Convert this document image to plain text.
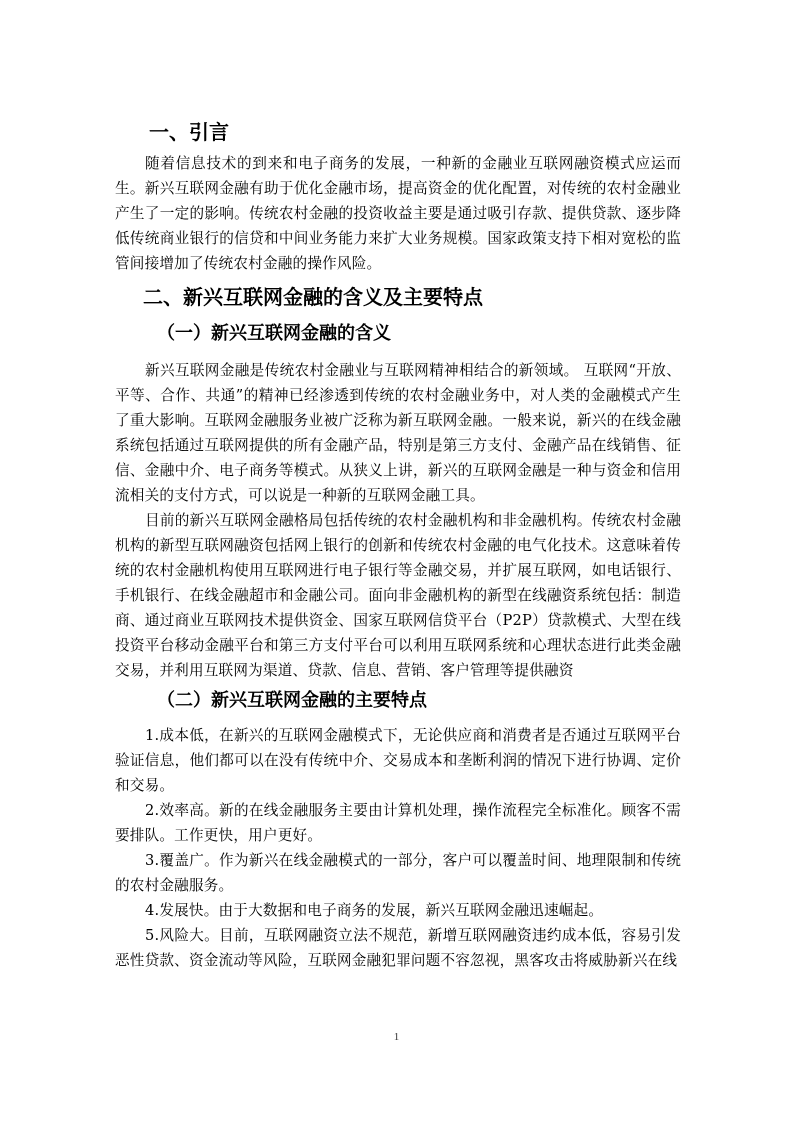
一、引言

随着信息技术的到来和电子商务的发展，一种新的金融业互联网融资模式应运而生。新兴互联网金融有助于优化金融市场，提高资金的优化配置，对传统的农村金融业产生了一定的影响。传统农村金融的投资收益主要是通过吸引存款、提供贷款、逐步降低传统商业银行的信贷和中间业务能力来扩大业务规模。国家政策支持下相对宽松的监管间接增加了传统农村金融的操作风险。

二、新兴互联网金融的含义及主要特点
（一）新兴互联网金融的含义

新兴互联网金融是传统农村金融业与互联网精神相结合的新领域。 互联网“开放、平等、合作、共通”的精神已经渗透到传统的农村金融业务中，对人类的金融模式产生了重大影响。互联网金融服务业被广泛称为新互联网金融。一般来说，新兴的在线金融系统包括通过互联网提供的所有金融产品，特别是第三方支付、金融产品在线销售、征信、金融中介、电子商务等模式。从狭义上讲，新兴的互联网金融是一种与资金和信用流相关的支付方式，可以说是一种新的互联网金融工具。

目前的新兴互联网金融格局包括传统的农村金融机构和非金融机构。传统农村金融机构的新型互联网融资包括网上银行的创新和传统农村金融的电气化技术。这意味着传统的农村金融机构使用互联网进行电子银行等金融交易，并扩展互联网，如电话银行、手机银行、在线金融超市和金融公司。面向非金融机构的新型在线融资系统包括：制造商、通过商业互联网技术提供资金、国家互联网信贷平台（P2P）贷款模式、大型在线投资平台移动金融平台和第三方支付平台可以利用互联网系统和心理状态进行此类金融交易，并利用互联网为渠道、贷款、信息、营销、客户管理等提供融资

（二）新兴互联网金融的主要特点

1.成本低，在新兴的互联网金融模式下，无论供应商和消费者是否通过互联网平台验证信息，他们都可以在没有传统中介、交易成本和垄断利润的情况下进行协调、定价和交易。

2.效率高。新的在线金融服务主要由计算机处理，操作流程完全标准化。顾客不需要排队。工作更快，用户更好。

3.覆盖广。作为新兴在线金融模式的一部分，客户可以覆盖时间、地理限制和传统的农村金融服务。

4.发展快。由于大数据和电子商务的发展，新兴互联网金融迅速崛起。

5.风险大。目前，互联网融资立法不规范，新增互联网融资违约成本低，容易引发恶性贷款、资金流动等风险，互联网金融犯罪问题不容忽视，黑客攻击将威胁新兴在线

1
